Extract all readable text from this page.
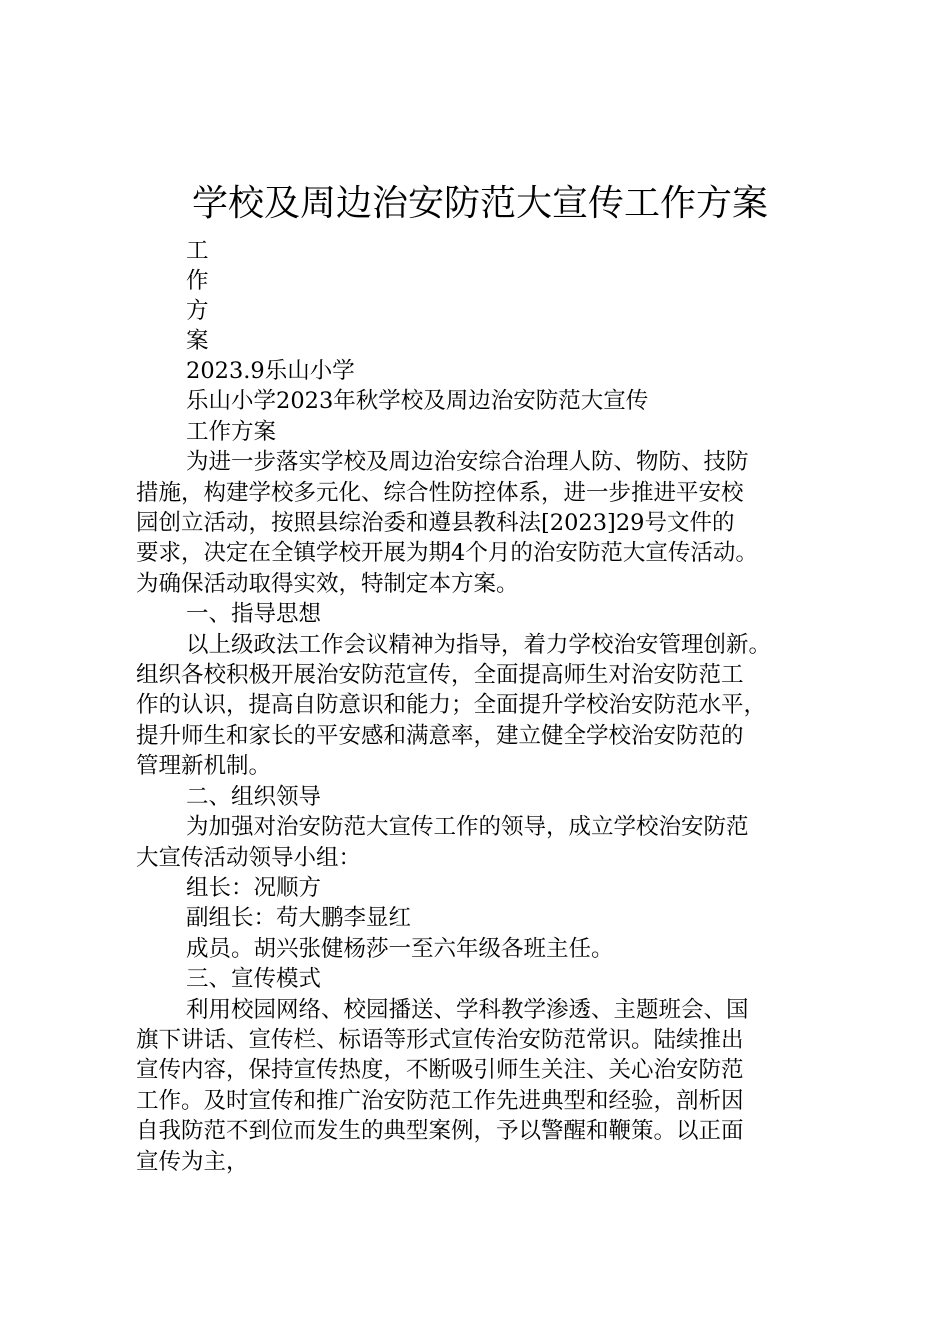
学校及周边治安防范大宣传工作方案
工
作
方
案
2023.9乐山小学
乐山小学2023年秋学校及周边治安防范大宣传
工作方案
为进一步落实学校及周边治安综合治理人防、物防、技防
措施，构建学校多元化、综合性防控体系，进一步推进平安校
园创立活动，按照县综治委和遵县教科法[2023]29号文件的
要求，决定在全镇学校开展为期4个月的治安防范大宣传活动。
为确保活动取得实效，特制定本方案。
一、指导思想
以上级政法工作会议精神为指导，着力学校治安管理创新。
组织各校积极开展治安防范宣传，全面提高师生对治安防范工
作的认识，提高自防意识和能力；全面提升学校治安防范水平，
提升师生和家长的平安感和满意率，建立健全学校治安防范的
管理新机制。
二、组织领导
为加强对治安防范大宣传工作的领导，成立学校治安防范
大宣传活动领导小组：
组长：况顺方
副组长：苟大鹏李显红
成员。胡兴张健杨莎一至六年级各班主任。
三、宣传模式
利用校园网络、校园播送、学科教学渗透、主题班会、国
旗下讲话、宣传栏、标语等形式宣传治安防范常识。陆续推出
宣传内容，保持宣传热度，不断吸引师生关注、关心治安防范
工作。及时宣传和推广治安防范工作先进典型和经验，剖析因
自我防范不到位而发生的典型案例，予以警醒和鞭策。以正面
宣传为主，
